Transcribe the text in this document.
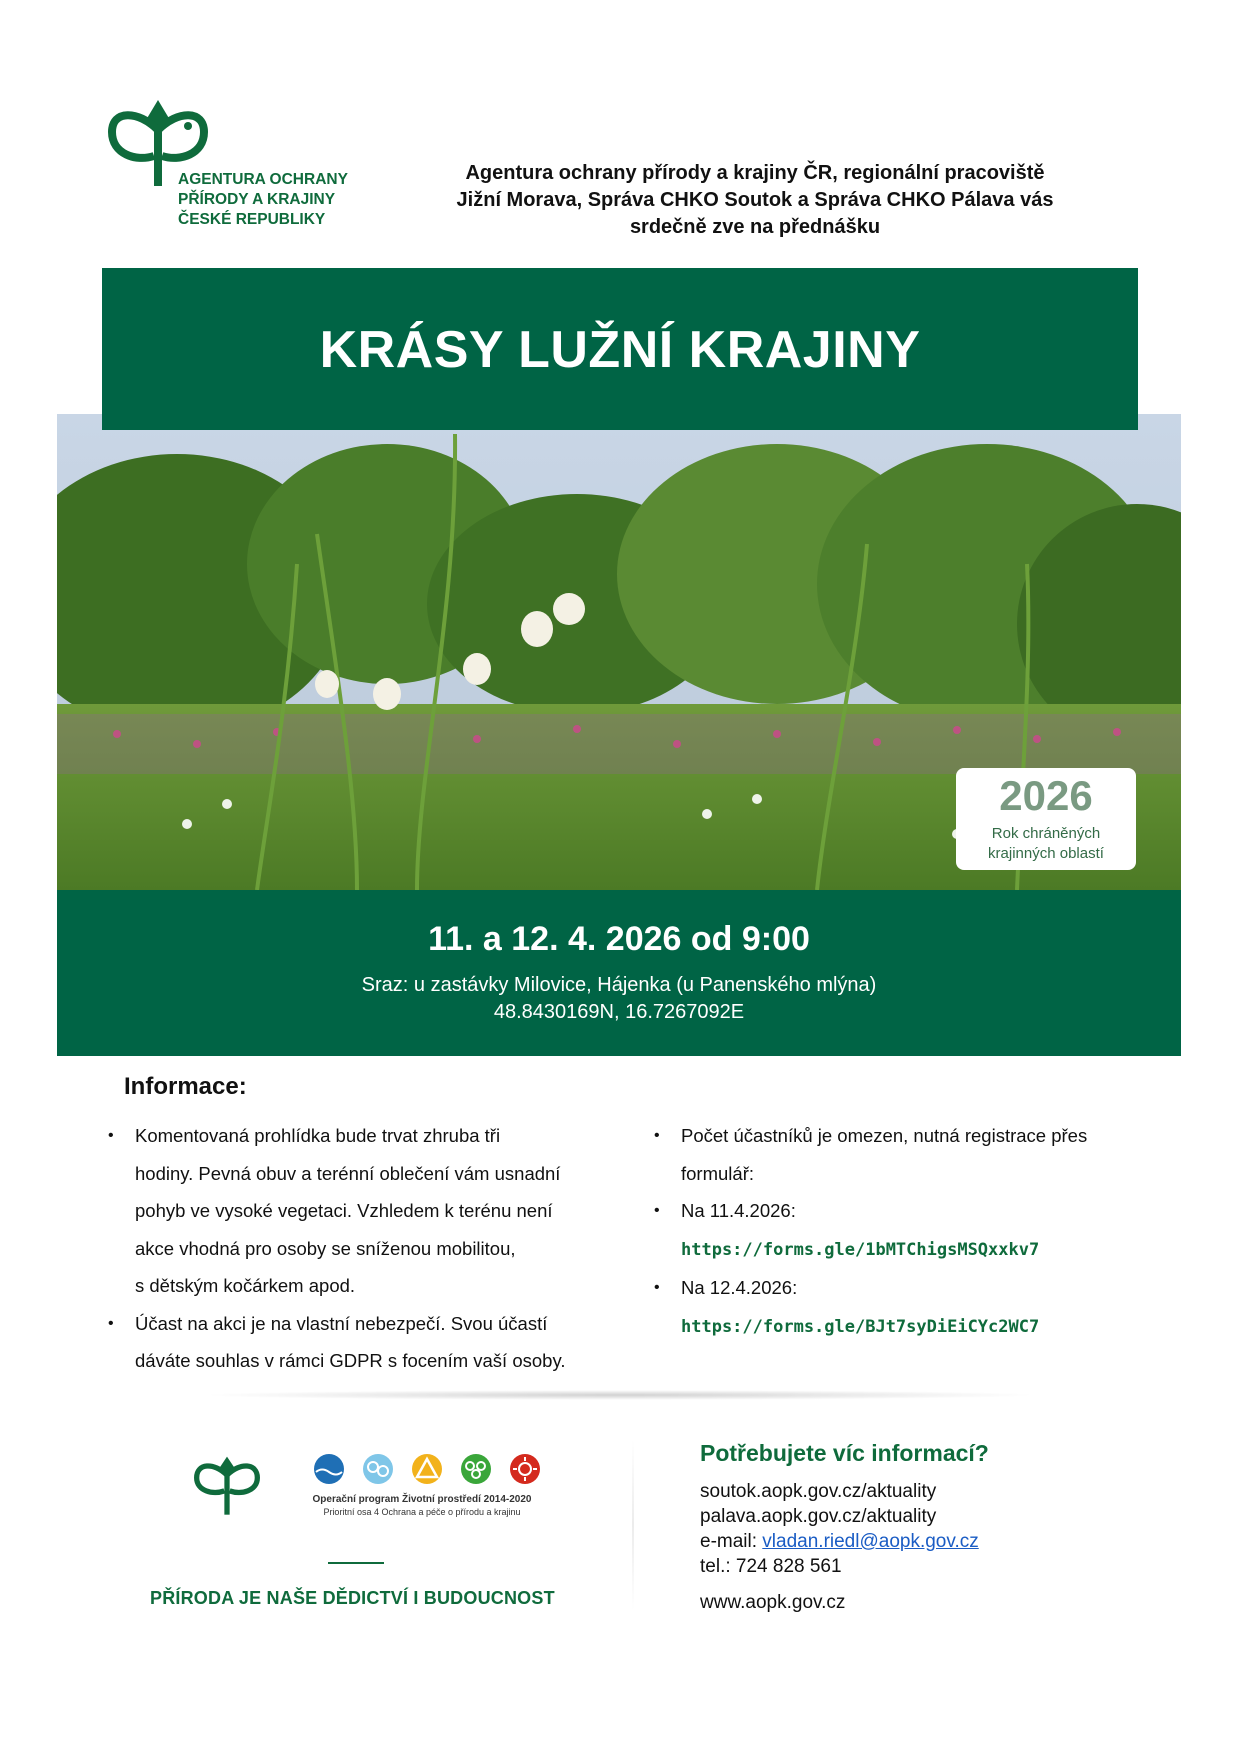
AGENTURA OCHRANY
PŘÍRODY A KRAJINY
ČESKÉ REPUBLIKY
Agentura ochrany přírody a krajiny ČR, regionální pracoviště
Jižní Morava, Správa CHKO Soutok a Správa CHKO Pálava vás
srdečně zve na přednášku
KRÁSY LUŽNÍ KRAJINY
2026
Rok chráněných
krajinných oblastí
11. a 12. 4. 2026 od 9:00
Sraz: u zastávky Milovice, Hájenka (u Panenského mlýna)
48.8430169N, 16.7267092E
Informace:
• Komentovaná prohlídka bude trvat zhruba tři
hodiny. Pevná obuv a terénní oblečení vám usnadní
pohyb ve vysoké vegetaci. Vzhledem k terénu není
akce vhodná pro osoby se sníženou mobilitou,
s dětským kočárkem apod.
• Účast na akci je na vlastní nebezpečí. Svou účastí
dáváte souhlas v rámci GDPR s focením vaší osoby.
• Počet účastníků je omezen, nutná registrace přes
formulář:
• Na 11.4.2026:
https://forms.gle/1bMTChigsMSQxxkv7
• Na 12.4.2026:
https://forms.gle/BJt7syDiEiCYc2WC7
Operační program Životní prostředí 2014-2020
Prioritní osa 4 Ochrana a péče o přírodu a krajinu
PŘÍRODA JE NAŠE DĚDICTVÍ I BUDOUCNOST
Potřebujete víc informací?
soutok.aopk.gov.cz/aktuality
palava.aopk.gov.cz/aktuality
e-mail: vladan.riedl@aopk.gov.cz
tel.: 724 828 561
www.aopk.gov.cz
